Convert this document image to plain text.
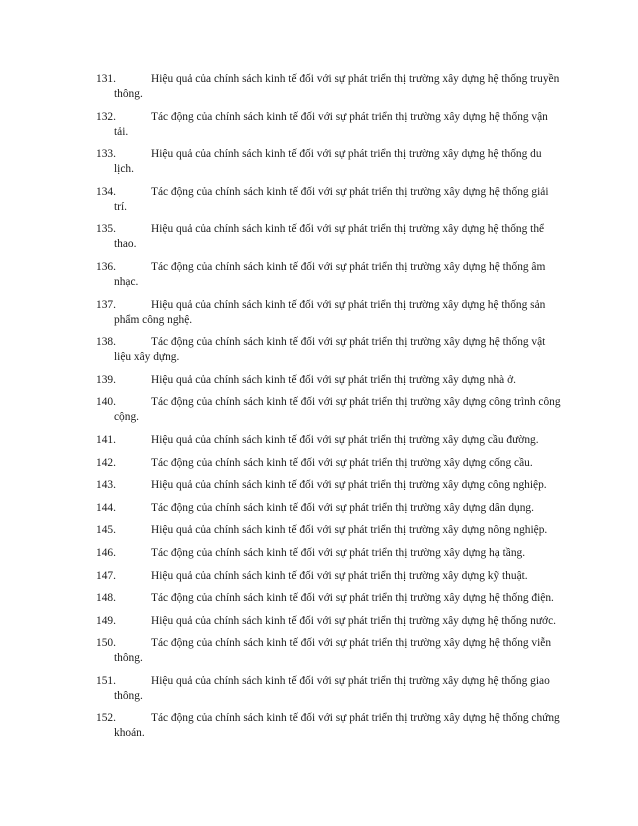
131.	Hiệu quả của chính sách kinh tế đối với sự phát triển thị trường xây dựng hệ thống truyền
thông.
132.	Tác động của chính sách kinh tế đối với sự phát triển thị trường xây dựng hệ thống vận
tải.
133.	Hiệu quả của chính sách kinh tế đối với sự phát triển thị trường xây dựng hệ thống du
lịch.
134.	Tác động của chính sách kinh tế đối với sự phát triển thị trường xây dựng hệ thống giải
trí.
135.	Hiệu quả của chính sách kinh tế đối với sự phát triển thị trường xây dựng hệ thống thể
thao.
136.	Tác động của chính sách kinh tế đối với sự phát triển thị trường xây dựng hệ thống âm
nhạc.
137.	Hiệu quả của chính sách kinh tế đối với sự phát triển thị trường xây dựng hệ thống sản
phẩm công nghệ.
138.	Tác động của chính sách kinh tế đối với sự phát triển thị trường xây dựng hệ thống vật
liệu xây dựng.
139.	Hiệu quả của chính sách kinh tế đối với sự phát triển thị trường xây dựng nhà ở.
140.	Tác động của chính sách kinh tế đối với sự phát triển thị trường xây dựng công trình công
cộng.
141.	Hiệu quả của chính sách kinh tế đối với sự phát triển thị trường xây dựng cầu đường.
142.	Tác động của chính sách kinh tế đối với sự phát triển thị trường xây dựng cống cầu.
143.	Hiệu quả của chính sách kinh tế đối với sự phát triển thị trường xây dựng công nghiệp.
144.	Tác động của chính sách kinh tế đối với sự phát triển thị trường xây dựng dân dụng.
145.	Hiệu quả của chính sách kinh tế đối với sự phát triển thị trường xây dựng nông nghiệp.
146.	Tác động của chính sách kinh tế đối với sự phát triển thị trường xây dựng hạ tầng.
147.	Hiệu quả của chính sách kinh tế đối với sự phát triển thị trường xây dựng kỹ thuật.
148.	Tác động của chính sách kinh tế đối với sự phát triển thị trường xây dựng hệ thống điện.
149.	Hiệu quả của chính sách kinh tế đối với sự phát triển thị trường xây dựng hệ thống nước.
150.	Tác động của chính sách kinh tế đối với sự phát triển thị trường xây dựng hệ thống viễn
thông.
151.	Hiệu quả của chính sách kinh tế đối với sự phát triển thị trường xây dựng hệ thống giao
thông.
152.	Tác động của chính sách kinh tế đối với sự phát triển thị trường xây dựng hệ thống chứng
khoán.
